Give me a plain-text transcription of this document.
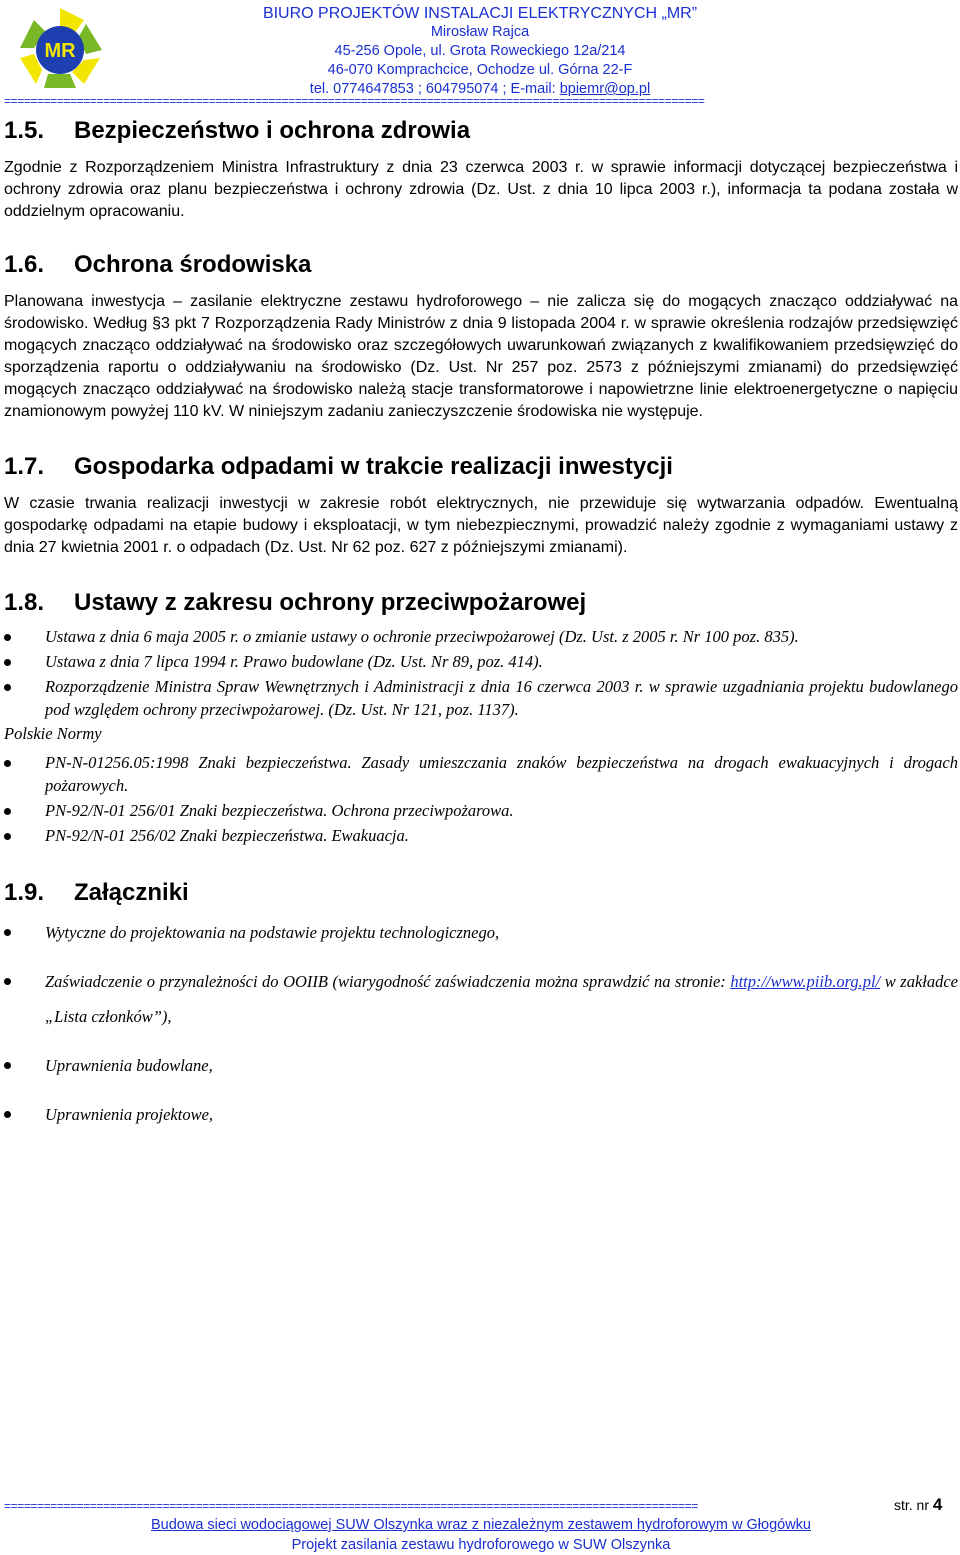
MR
BIURO PROJEKTÓW INSTALACJI ELEKTRYCZNYCH „MR”
Mirosław Rajca
45-256 Opole, ul. Grota Roweckiego 12a/214
46-070 Komprachcice, Ochodze ul. Górna 22-F
tel. 0774647853 ; 604795074 ; E-mail: bpiemr@op.pl
==========================================================================================================
1.5.	Bezpieczeństwo i ochrona zdrowia

Zgodnie z Rozporządzeniem Ministra Infrastruktury z dnia 23 czerwca 2003 r. w sprawie informacji dotyczącej bezpieczeństwa i ochrony zdrowia oraz planu bezpieczeństwa i ochrony zdrowia (Dz. Ust. z dnia 10 lipca 2003 r.), informacja ta podana została w oddzielnym opracowaniu.

1.6.	Ochrona środowiska

Planowana inwestycja – zasilanie elektryczne zestawu hydroforowego – nie zalicza się do mogących znacząco oddziaływać na środowisko. Według §3 pkt 7 Rozporządzenia Rady Ministrów z dnia 9 listopada 2004 r. w sprawie określenia rodzajów przedsięwzięć mogących znacząco oddziaływać na środowisko oraz szczegółowych uwarunkowań związanych z kwalifikowaniem przedsięwzięć do sporządzenia raportu o oddziaływaniu na środowisko (Dz. Ust. Nr 257 poz. 2573 z późniejszymi zmianami) do przedsięwzięć mogących znacząco oddziaływać na środowisko należą stacje transformatorowe i napowietrzne linie elektroenergetyczne o napięciu znamionowym powyżej 110 kV. W niniejszym zadaniu zanieczyszczenie środowiska nie występuje.

1.7.	Gospodarka odpadami w trakcie realizacji inwestycji

W czasie trwania realizacji inwestycji w zakresie robót elektrycznych, nie przewiduje się wytwarzania odpadów. Ewentualną gospodarkę odpadami na etapie budowy i eksploatacji, w tym niebezpiecznymi, prowadzić należy zgodnie z wymaganiami ustawy z dnia 27 kwietnia 2001 r. o odpadach (Dz. Ust. Nr 62 poz. 627 z późniejszymi zmianami).

1.8.	Ustawy z zakresu ochrony przeciwpożarowej
Ustawa z dnia 6 maja 2005 r. o zmianie ustawy o ochronie przeciwpożarowej (Dz. Ust. z 2005 r. Nr 100 poz. 835).
Ustawa z dnia 7 lipca 1994 r. Prawo budowlane (Dz. Ust. Nr 89, poz. 414).
Rozporządzenie Ministra Spraw Wewnętrznych i Administracji z dnia 16 czerwca 2003 r. w sprawie uzgadniania projektu budowlanego pod względem ochrony przeciwpożarowej. (Dz. Ust. Nr 121, poz. 1137).
Polskie Normy
PN-N-01256.05:1998 Znaki bezpieczeństwa. Zasady umieszczania znaków bezpieczeństwa na drogach ewakuacyjnych i drogach pożarowych.
PN-92/N-01 256/01 Znaki bezpieczeństwa. Ochrona przeciwpożarowa.
PN-92/N-01 256/02 Znaki bezpieczeństwa. Ewakuacja.
1.9.	Załączniki
Wytyczne do projektowania na podstawie projektu technologicznego,
Zaświadczenie o przynależności do OOIIB (wiarygodność zaświadczenia można sprawdzić na stronie: http://www.piib.org.pl/ w zakładce „Lista członków”),
Uprawnienia budowlane,
Uprawnienia projektowe,
=========================================================================================================	str. nr 4
Budowa sieci wodociągowej SUW Olszynka wraz z niezależnym zestawem hydroforowym w Głogówku
Projekt zasilania zestawu hydroforowego w SUW Olszynka
